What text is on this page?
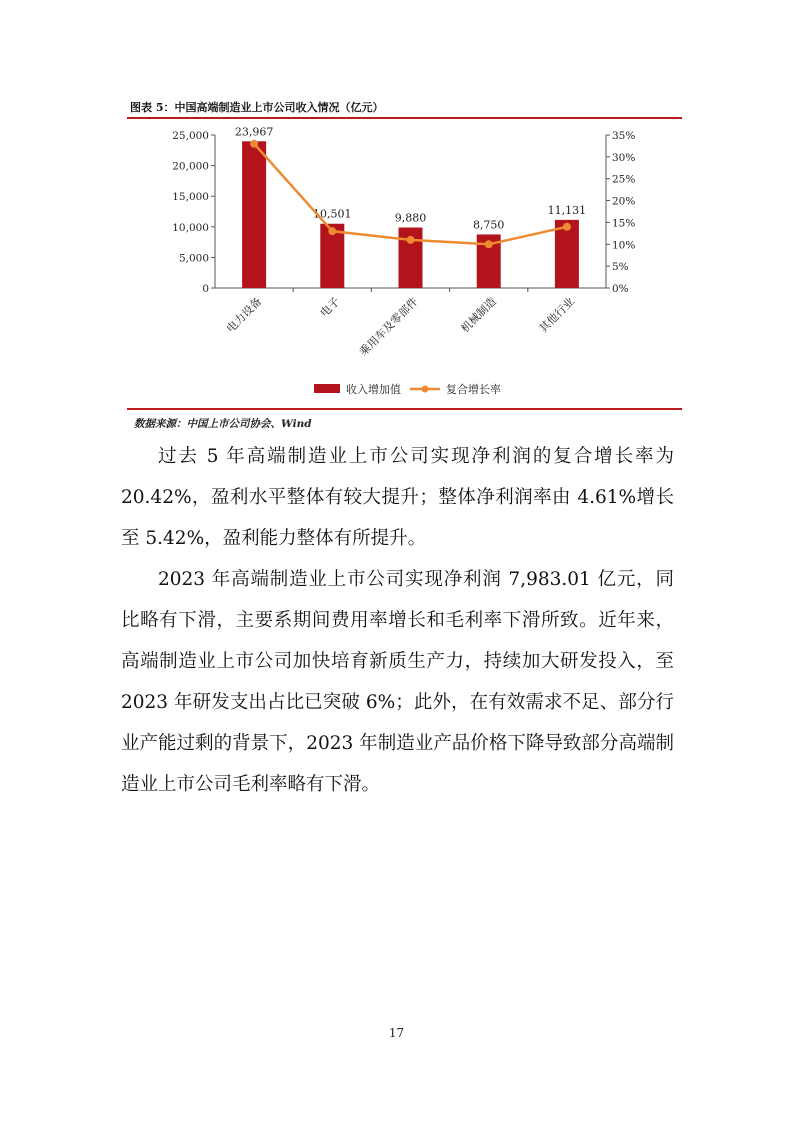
图表 5：中国高端制造业上市公司收入情况（亿元）
0
5,000
10,000
15,000
20,000
25,000
0%
5%
10%
15%
20%
25%
30%
35%
23,967
10,501	9,880
8,750
11,131
电力设备	电子 乘用车及零部件	机械制造	其他行业
收入增加值	复合增长率
数据来源：中国上市公司协会、Wind

过去 5 年高端制造业上市公司实现净利润的复合增长率为 20.42%，盈利水平整体有较大提升；整体净利润率由 4.61%增长至 5.42%，盈利能力整体有所提升。

2023 年高端制造业上市公司实现净利润 7,983.01 亿元，同比略有下滑，主要系期间费用率增长和毛利率下滑所致。近年来，高端制造业上市公司加快培育新质生产力，持续加大研发投入，至 2023 年研发支出占比已突破 6%；此外，在有效需求不足、部分行业产能过剩的背景下，2023 年制造业产品价格下降导致部分高端制造业上市公司毛利率略有下滑。

17
